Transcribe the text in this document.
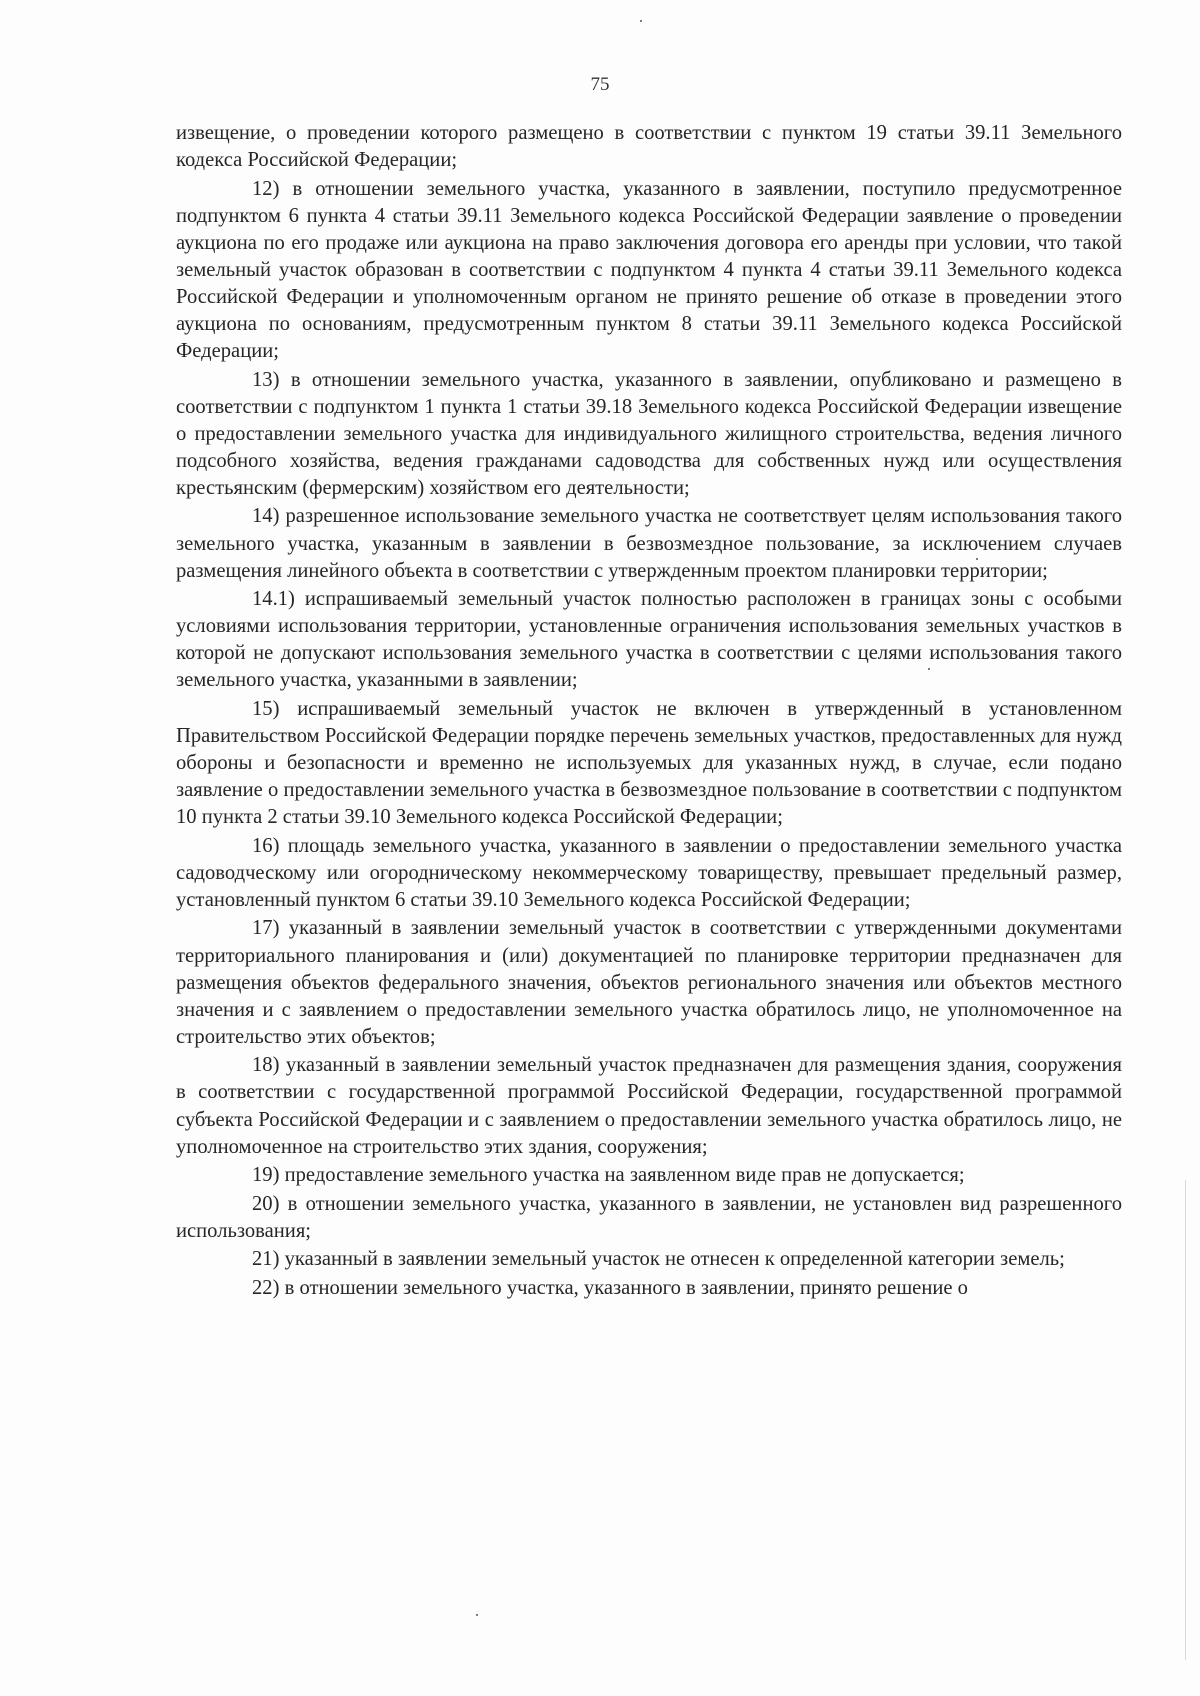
75

извещение, о проведении которого размещено в соответствии с пунктом 19 статьи 39.11 Земельного кодекса Российской Федерации;

12) в отношении земельного участка, указанного в заявлении, поступило предусмотренное подпунктом 6 пункта 4 статьи 39.11 Земельного кодекса Российской Федерации заявление о проведении аукциона по его продаже или аукциона на право заключения договора его аренды при условии, что такой земельный участок образован в соответствии с подпунктом 4 пункта 4 статьи 39.11 Земельного кодекса Российской Федерации и уполномоченным органом не принято решение об отказе в проведении этого аукциона по основаниям, предусмотренным пунктом 8 статьи 39.11 Земельного кодекса Российской Федерации;

13) в отношении земельного участка, указанного в заявлении, опубликовано и размещено в соответствии с подпунктом 1 пункта 1 статьи 39.18 Земельного кодекса Российской Федерации извещение о предоставлении земельного участка для индивидуального жилищного строительства, ведения личного подсобного хозяйства, ведения гражданами садоводства для собственных нужд или осуществления крестьянским (фермерским) хозяйством его деятельности;

14) разрешенное использование земельного участка не соответствует целям использования такого земельного участка, указанным в заявлении в безвозмездное пользование, за исключением случаев размещения линейного объекта в соответствии с утвержденным проектом планировки территории;

14.1) испрашиваемый земельный участок полностью расположен в границах зоны с особыми условиями использования территории, установленные ограничения использования земельных участков в которой не допускают использования земельного участка в соответствии с целями использования такого земельного участка, указанными в заявлении;

15) испрашиваемый земельный участок не включен в утвержденный в установленном Правительством Российской Федерации порядке перечень земельных участков, предоставленных для нужд обороны и безопасности и временно не используемых для указанных нужд, в случае, если подано заявление о предоставлении земельного участка в безвозмездное пользование в соответствии с подпунктом 10 пункта 2 статьи 39.10 Земельного кодекса Российской Федерации;

16) площадь земельного участка, указанного в заявлении о предоставлении земельного участка садоводческому или огородническому некоммерческому товариществу, превышает предельный размер, установленный пунктом 6 статьи 39.10 Земельного кодекса Российской Федерации;

17) указанный в заявлении земельный участок в соответствии с утвержденными документами территориального планирования и (или) документацией по планировке территории предназначен для размещения объектов федерального значения, объектов регионального значения или объектов местного значения и с заявлением о предоставлении земельного участка обратилось лицо, не уполномоченное на строительство этих объектов;

18) указанный в заявлении земельный участок предназначен для размещения здания, сооружения в соответствии с государственной программой Российской Федерации, государственной программой субъекта Российской Федерации и с заявлением о предоставлении земельного участка обратилось лицо, не уполномоченное на строительство этих здания, сооружения;

19) предоставление земельного участка на заявленном виде прав не допускается;

20) в отношении земельного участка, указанного в заявлении, не установлен вид разрешенного использования;

21) указанный в заявлении земельный участок не отнесен к определенной категории земель;

22) в отношении земельного участка, указанного в заявлении, принято решение о
